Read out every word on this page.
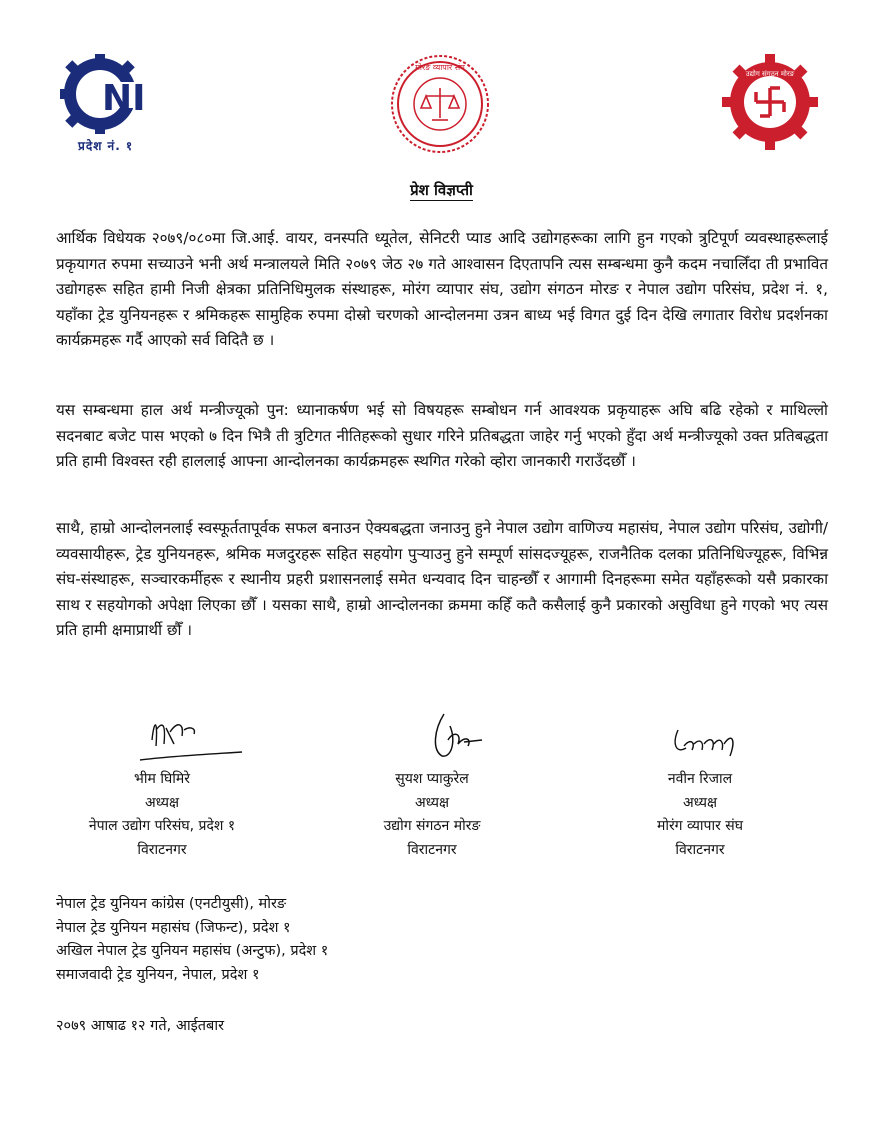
NI
प्रदेश नं. १
मोरङ व्यापार संघ
उद्योग संगठन मोरङ
प्रेश विज्ञप्ती

आर्थिक विधेयक २०७९/०८०मा जि.आई. वायर, वनस्पति ध्यूतेल, सेनिटरी प्याड आदि उद्योगहरूका लागि हुन गएको त्रुटिपूर्ण व्यवस्थाहरूलाई प्रकृयागत रुपमा सच्याउने भनी अर्थ मन्त्रालयले मिति २०७९ जेठ २७ गते आश्वासन दिएतापनि त्यस सम्बन्धमा कुनै कदम नचालिँदा ती प्रभावित उद्योगहरू सहित हामी निजी क्षेत्रका प्रतिनिधिमुलक संस्थाहरू, मोरंग व्यापार संघ, उद्योग संगठन मोरङ र नेपाल उद्योग परिसंघ, प्रदेश नं. १, यहाँका ट्रेड युनियनहरू र श्रमिकहरू सामुहिक रुपमा दोस्रो चरणको आन्दोलनमा उत्रन बाध्य भई विगत दुई दिन देखि लगातार विरोध प्रदर्शनका कार्यक्रमहरू गर्दै आएको सर्व विदितै छ ।

यस सम्बन्धमा हाल अर्थ मन्त्रीज्यूको पुन: ध्यानाकर्षण भई सो विषयहरू सम्बोधन गर्न आवश्यक प्रकृयाहरू अघि बढि रहेको र माथिल्लो सदनबाट बजेट पास भएको ७ दिन भित्रै ती त्रुटिगत नीतिहरूको सुधार गरिने प्रतिबद्धता जाहेर गर्नु भएको हुँदा अर्थ मन्त्रीज्यूको उक्त प्रतिबद्धता प्रति हामी विश्वस्त रही हाललाई आफ्ना आन्दोलनका कार्यक्रमहरू स्थगित गरेको व्होरा जानकारी गराउँदछौँ ।

साथै, हाम्रो आन्दोलनलाई स्वस्फूर्ततापूर्वक सफल बनाउन ऐक्यबद्धता जनाउनु हुने नेपाल उद्योग वाणिज्य महासंघ, नेपाल उद्योग परिसंघ, उद्योगी/व्यवसायीहरू, ट्रेड युनियनहरू, श्रमिक मजदुरहरू सहित सहयोग पुर्‍याउनु हुने सम्पूर्ण सांसदज्यूहरू, राजनैतिक दलका प्रतिनिधिज्यूहरू, विभिन्न संघ-संस्थाहरू, सञ्चारकर्मीहरू र स्थानीय प्रहरी प्रशासनलाई समेत धन्यवाद दिन चाहन्छौँ र आगामी दिनहरूमा समेत यहाँहरूको यसै प्रकारका साथ र सहयोगको अपेक्षा लिएका छौँ । यसका साथै, हाम्रो आन्दोलनका क्रममा कहिँ कतै कसैलाई कुनै प्रकारको असुविधा हुने गएको भए त्यस प्रति हामी क्षमाप्रार्थी छौँ ।

भीम घिमिरे
अध्यक्ष
नेपाल उद्योग परिसंघ, प्रदेश १
विराटनगर
सुयश प्याकुरेल
अध्यक्ष
उद्योग संगठन मोरङ
विराटनगर
नवीन रिजाल
अध्यक्ष
मोरंग व्यापार संघ
विराटनगर
नेपाल ट्रेड युनियन कांग्रेस (एनटीयुसी), मोरङ
नेपाल ट्रेड युनियन महासंघ (जिफन्ट), प्रदेश १
अखिल नेपाल ट्रेड युनियन महासंघ (अन्टुफ), प्रदेश १
समाजवादी ट्रेड युनियन, नेपाल, प्रदेश १
२०७९ आषाढ १२ गते, आईतबार
